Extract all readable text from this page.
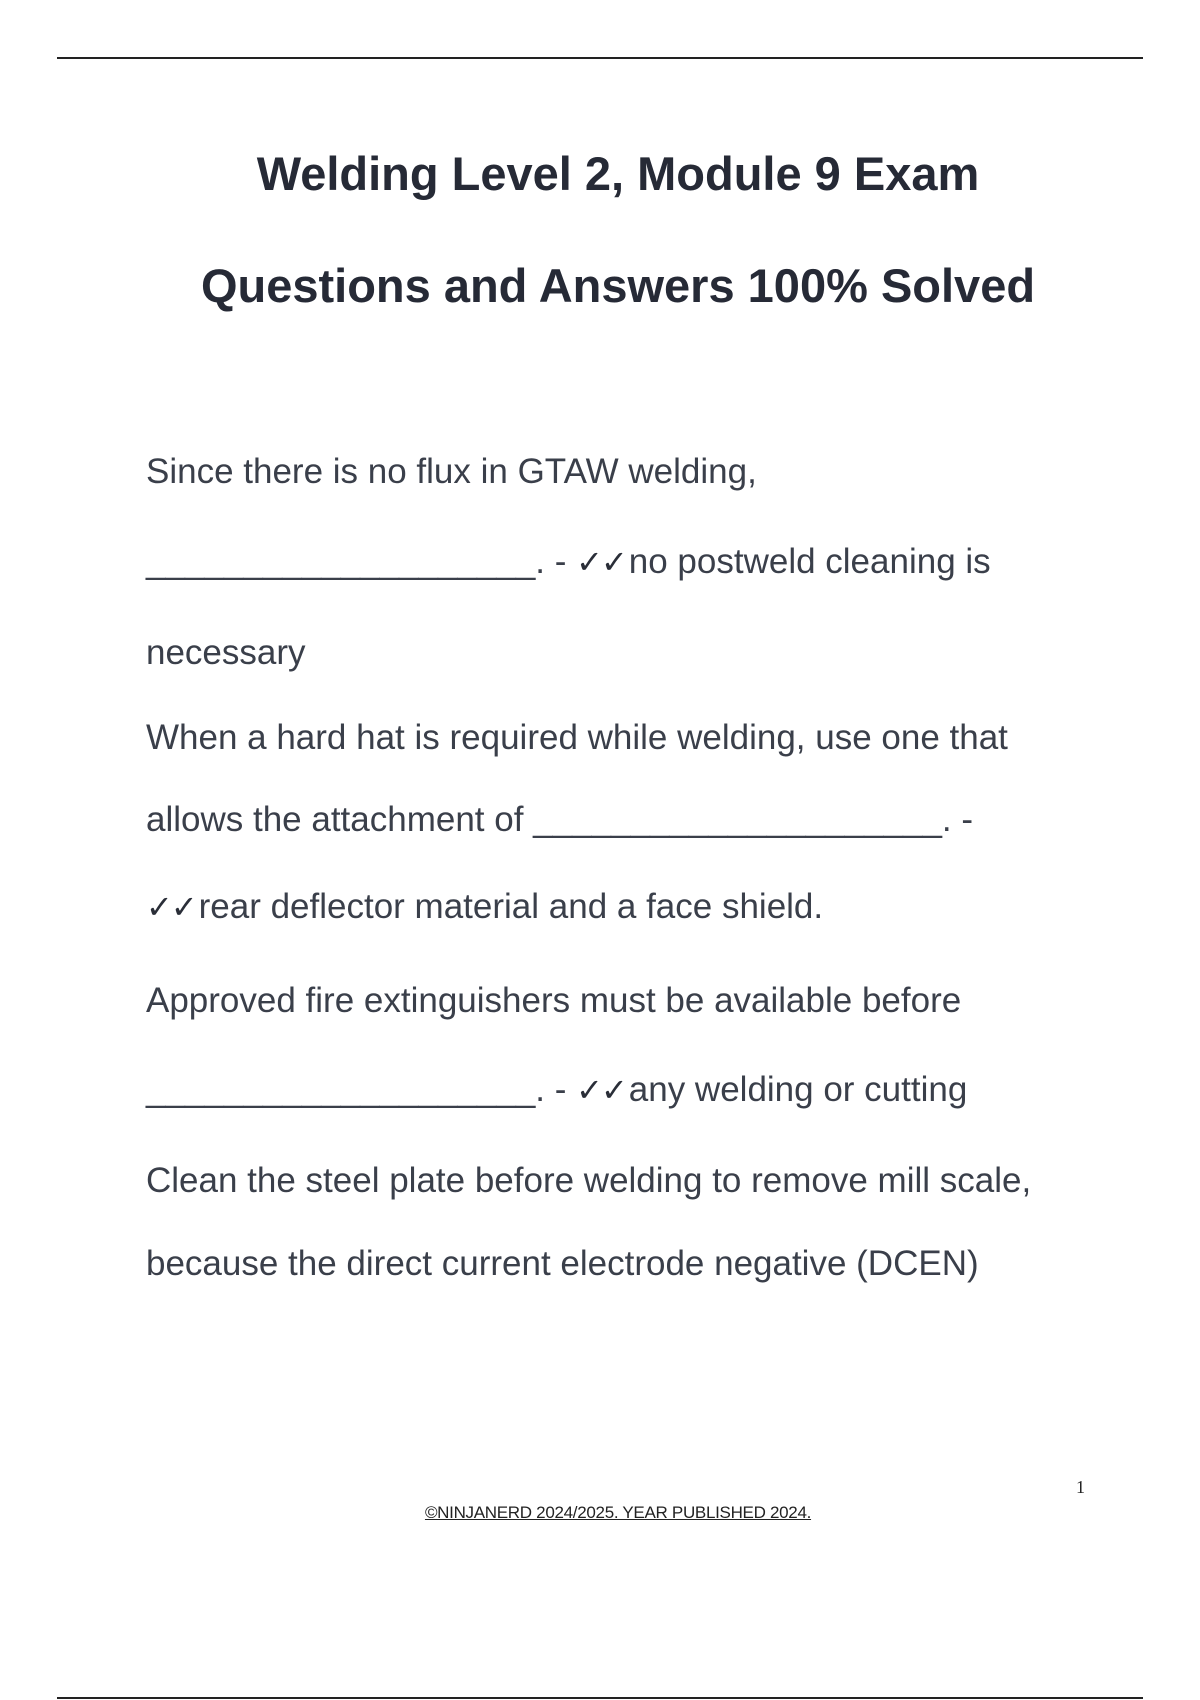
Welding Level 2, Module 9 Exam
Questions and Answers 100% Solved

Since there is no flux in GTAW welding,

____________________. - ✓✓no postweld cleaning is

necessary

When a hard hat is required while welding, use one that

allows the attachment of _____________________. -

✓✓rear deflector material and a face shield.

Approved fire extinguishers must be available before

____________________. - ✓✓any welding or cutting

Clean the steel plate before welding to remove mill scale,

because the direct current electrode negative (DCEN)

1

©NINJANERD 2024/2025. YEAR PUBLISHED 2024.
